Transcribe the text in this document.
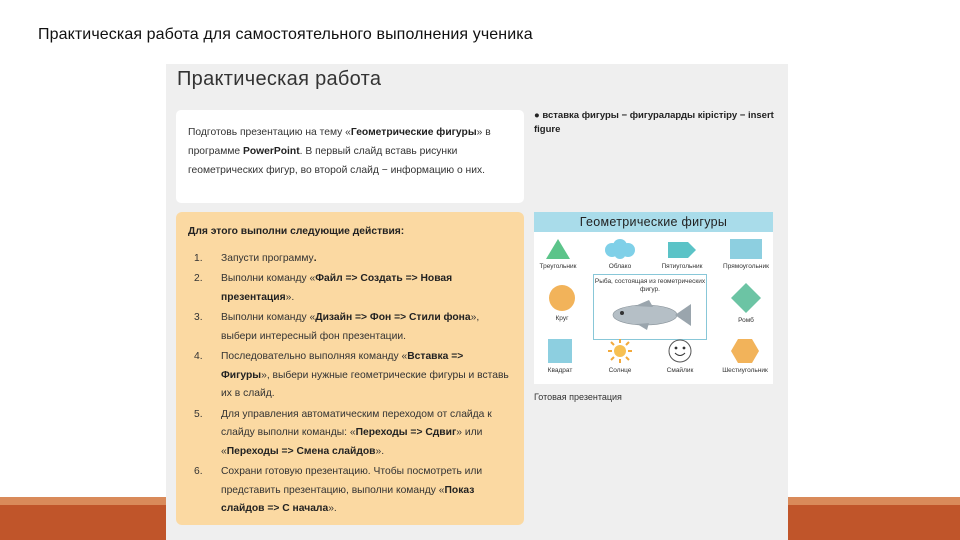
Практическая работа для самостоятельного выполнения ученика
Практическая работа
Подготовь презентацию на тему «Геометрические фигуры» в программе PowerPoint. В первый слайд вставь рисунки геометрических фигур, во второй слайд − информацию о них.
● вставка фигуры − фигураларды кірістіру − insert figure
Для этого выполни следующие действия:
1.	Запусти программу.
2.	Выполни команду «Файл => Создать => Новая презентация».
3.	Выполни команду «Дизайн => Фон => Стили фона», выбери интересный фон презентации.
4.	Последовательно выполняя команду «Вставка => Фигуры», выбери нужные геометрические фигуры и вставь их в слайд.
5.	Для управления автоматическим переходом от слайда к слайду выполни команды: «Переходы => Сдвиг» или «Переходы => Смена слайдов».
6.	Сохрани готовую презентацию. Чтобы посмотреть или представить презентацию, выполни команду «Показ слайдов => С начала».
Геометрические фигуры
Треугольник	Облако	Пятиугольник	Прямоугольник
Круг
Рыба, состоящая из геометрических фигур.
Ромб
Квадрат	Солнце	Смайлик	Шестиугольник
Готовая презентация
